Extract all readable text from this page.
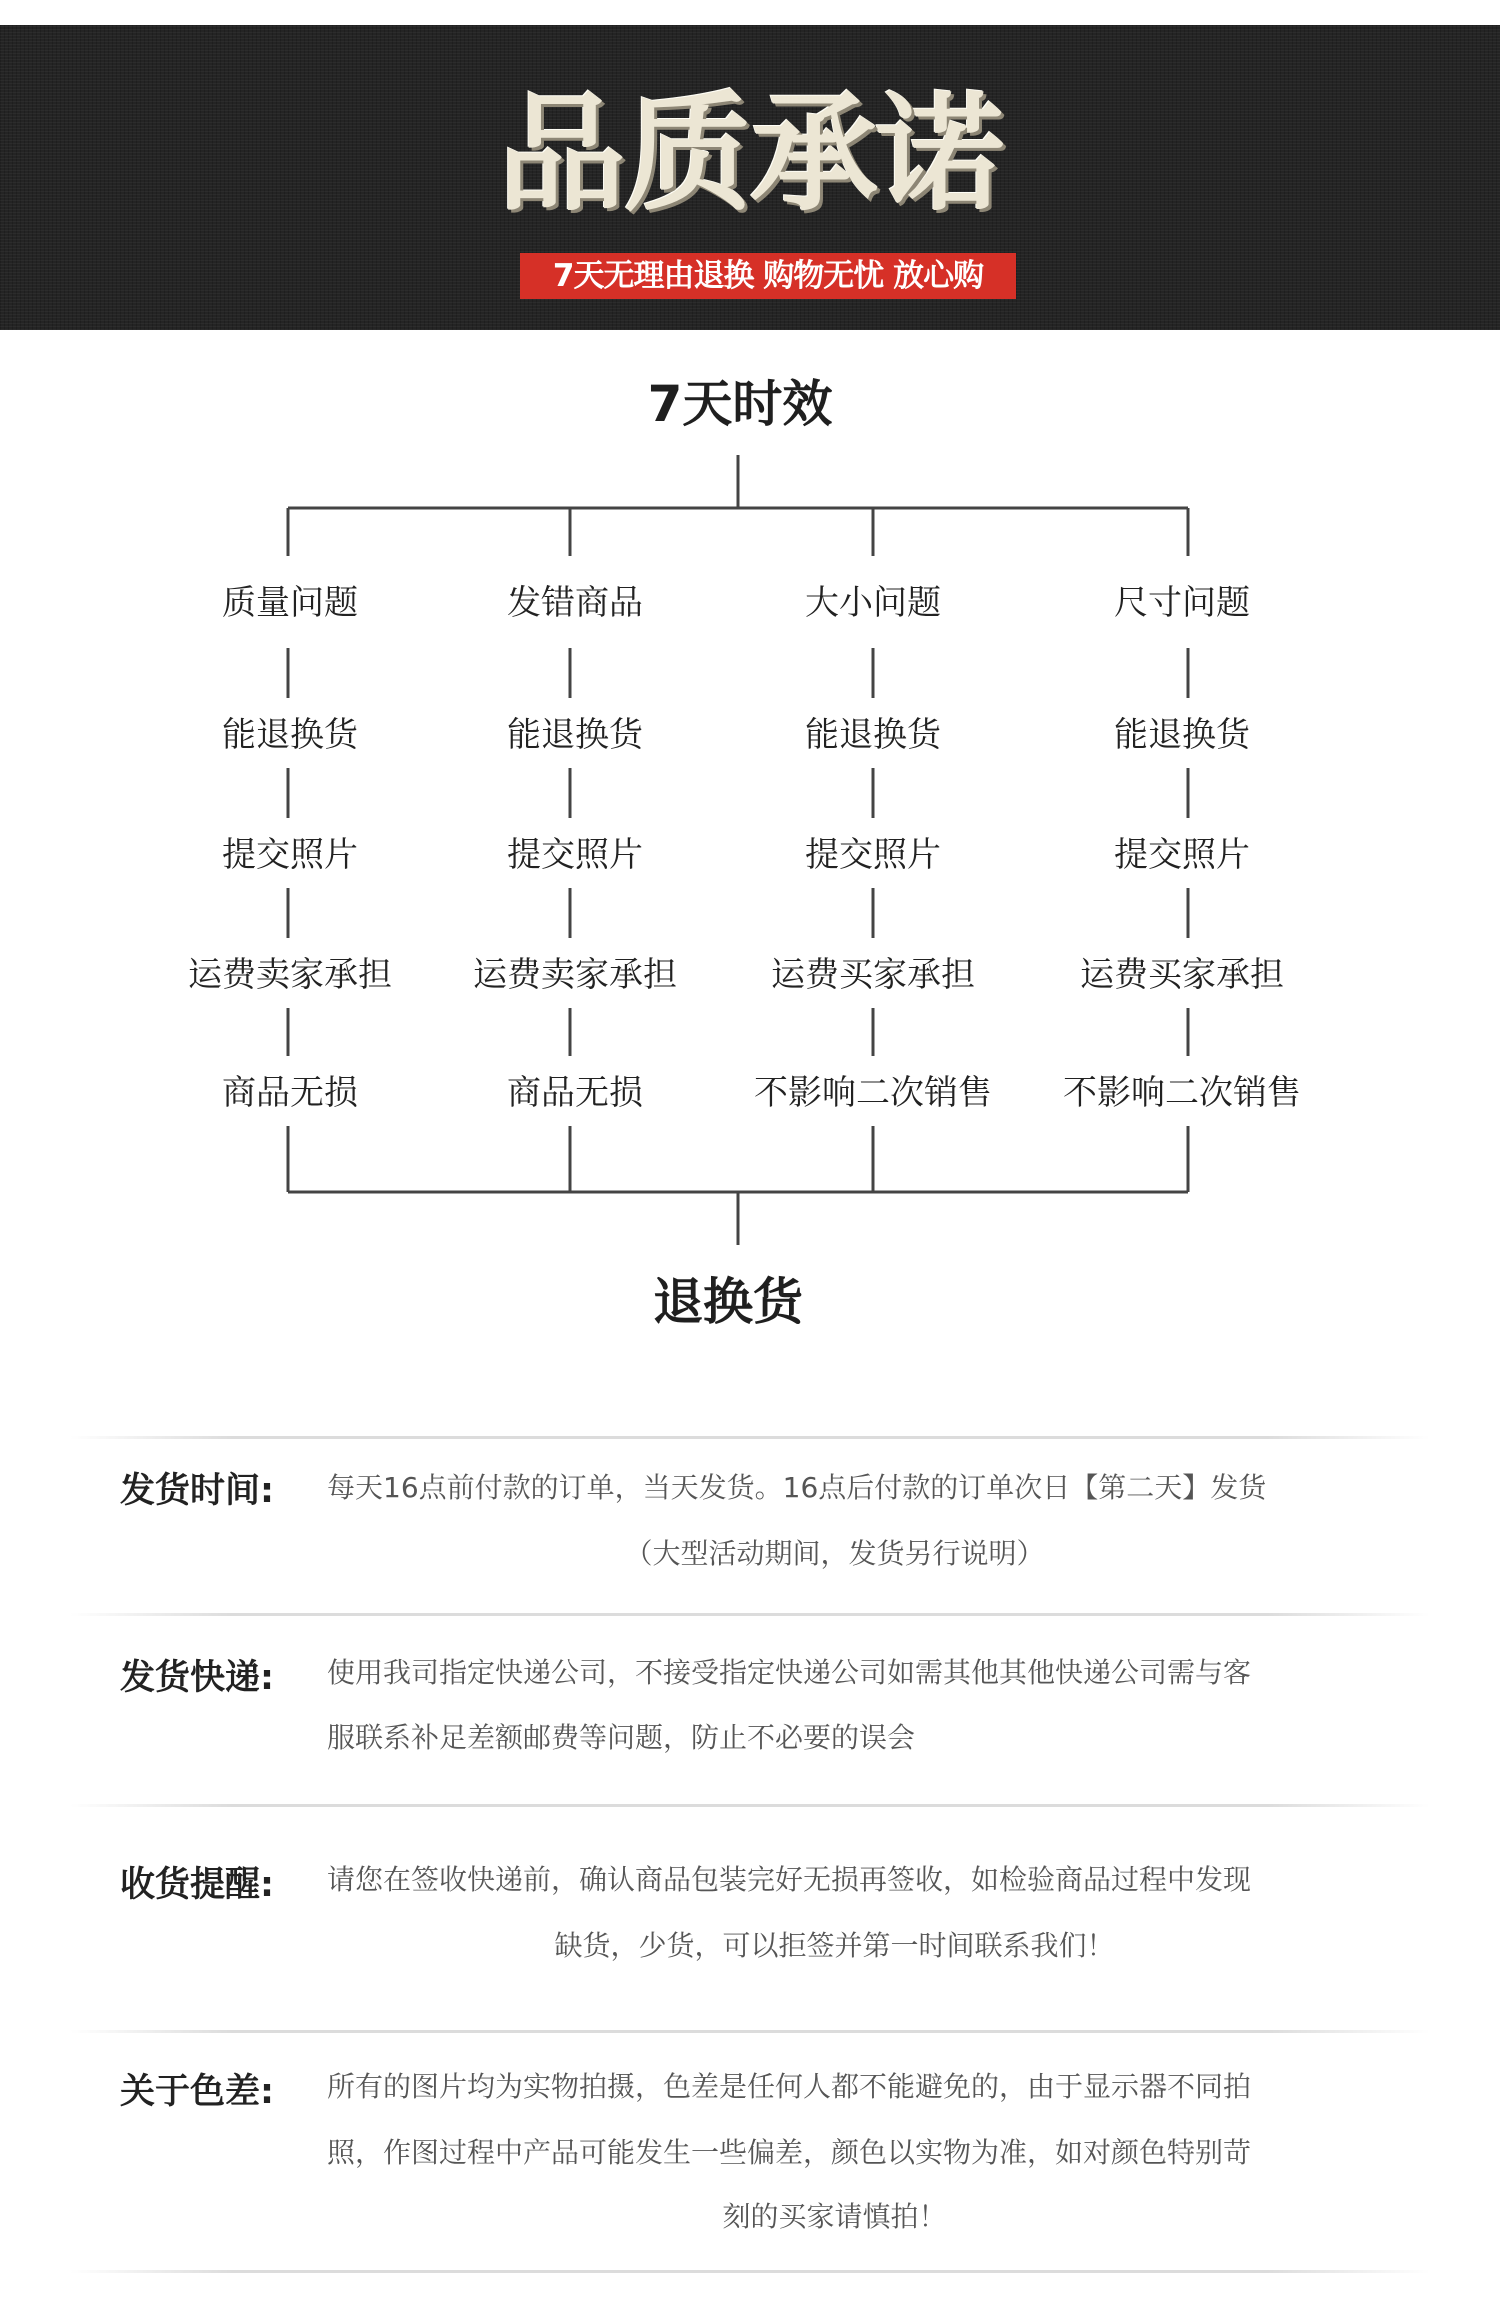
品质承诺
7天无理由退换 购物无忧 放心购
7天时效
质量问题
能退换货
提交照片
运费卖家承担
商品无损
发错商品
能退换货
提交照片
运费卖家承担
商品无损
大小问题
能退换货
提交照片
运费买家承担
不影响二次销售
尺寸问题
能退换货
提交照片
运费买家承担
不影响二次销售
退换货
发货时间: 每天16点前付款的订单，当天发货。16点后付款的订单次日【第二天】发货
（大型活动期间，发货另行说明）
发货快递: 使用我司指定快递公司，不接受指定快递公司如需其他其他快递公司需与客
服联系补足差额邮费等问题，防止不必要的误会
收货提醒: 请您在签收快递前，确认商品包装完好无损再签收，如检验商品过程中发现
缺货，少货，可以拒签并第一时间联系我们！
关于色差: 所有的图片均为实物拍摄，色差是任何人都不能避免的，由于显示器不同拍
照，作图过程中产品可能发生一些偏差，颜色以实物为准，如对颜色特别苛
刻的买家请慎拍！
